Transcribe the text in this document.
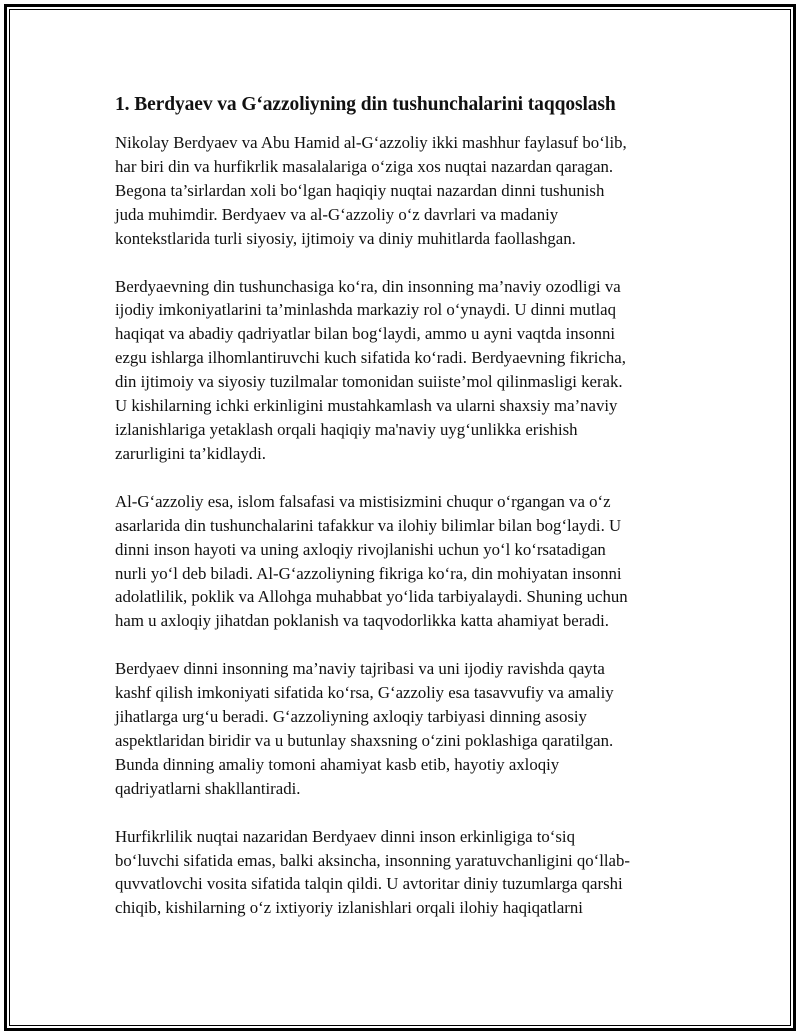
1. Berdyaev va G‘azzoliyning din tushunchalarini taqqoslash
Nikolay Berdyaev va Abu Hamid al-G‘azzoliy ikki mashhur faylasuf bo‘lib,
har biri din va hurfikrlik masalalariga o‘ziga xos nuqtai nazardan qaragan.
Begona ta’sirlardan xoli bo‘lgan haqiqiy nuqtai nazardan dinni tushunish
juda muhimdir. Berdyaev va al-G‘azzoliy o‘z davrlari va madaniy
kontekstlarida turli siyosiy, ijtimoiy va diniy muhitlarda faollashgan.
Berdyaevning din tushunchasiga ko‘ra, din insonning ma’naviy ozodligi va
ijodiy imkoniyatlarini ta’minlashda markaziy rol o‘ynaydi. U dinni mutlaq
haqiqat va abadiy qadriyatlar bilan bog‘laydi, ammo u ayni vaqtda insonni
ezgu ishlarga ilhomlantiruvchi kuch sifatida ko‘radi. Berdyaevning fikricha,
din ijtimoiy va siyosiy tuzilmalar tomonidan suiiste’mol qilinmasligi kerak.
U kishilarning ichki erkinligini mustahkamlash va ularni shaxsiy ma’naviy
izlanishlariga yetaklash orqali haqiqiy ma'naviy uyg‘unlikka erishish
zarurligini ta’kidlaydi.
Al-G‘azzoliy esa, islom falsafasi va mistisizmini chuqur o‘rgangan va o‘z
asarlarida din tushunchalarini tafakkur va ilohiy bilimlar bilan bog‘laydi. U
dinni inson hayoti va uning axloqiy rivojlanishi uchun yo‘l ko‘rsatadigan
nurli yo‘l deb biladi. Al-G‘azzoliyning fikriga ko‘ra, din mohiyatan insonni
adolatlilik, poklik va Allohga muhabbat yo‘lida tarbiyalaydi. Shuning uchun
ham u axloqiy jihatdan poklanish va taqvodorlikka katta ahamiyat beradi.
Berdyaev dinni insonning ma’naviy tajribasi va uni ijodiy ravishda qayta
kashf qilish imkoniyati sifatida ko‘rsa, G‘azzoliy esa tasavvufiy va amaliy
jihatlarga urg‘u beradi. G‘azzoliyning axloqiy tarbiyasi dinning asosiy
aspektlaridan biridir va u butunlay shaxsning o‘zini poklashiga qaratilgan.
Bunda dinning amaliy tomoni ahamiyat kasb etib, hayotiy axloqiy
qadriyatlarni shakllantiradi.
Hurfikrlilik nuqtai nazaridan Berdyaev dinni inson erkinligiga to‘siq
bo‘luvchi sifatida emas, balki aksincha, insonning yaratuvchanligini qo‘llab-
quvvatlovchi vosita sifatida talqin qildi. U avtoritar diniy tuzumlarga qarshi
chiqib, kishilarning o‘z ixtiyoriy izlanishlari orqali ilohiy haqiqatlarni
